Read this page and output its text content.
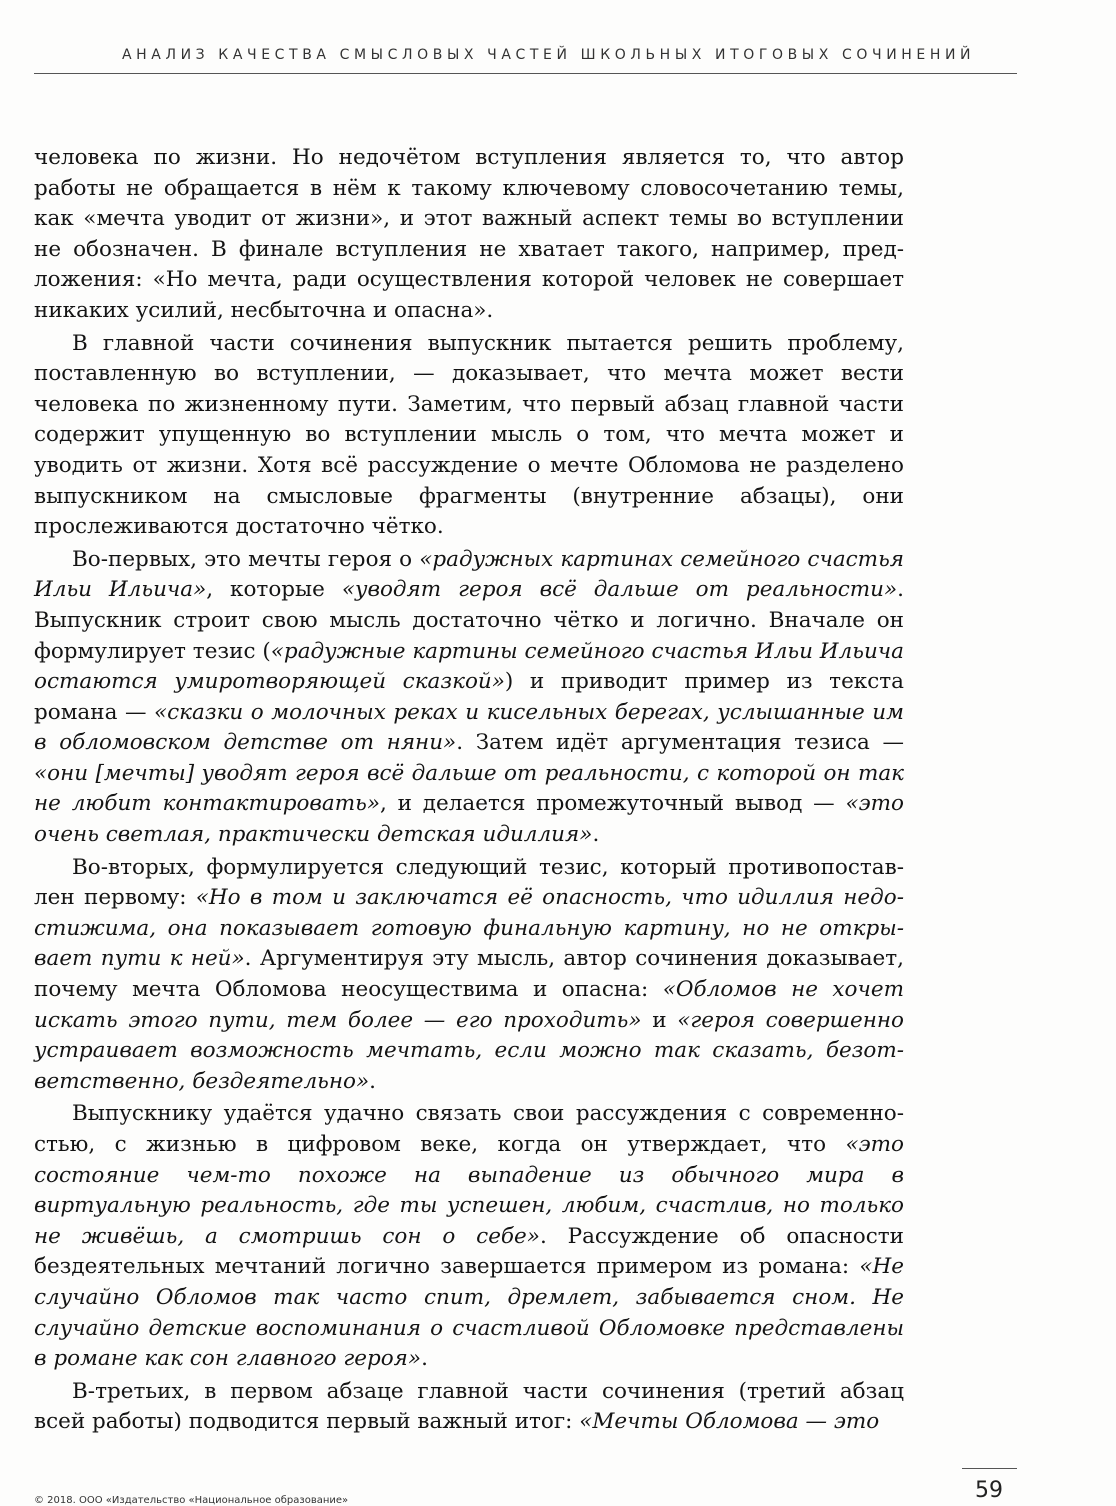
АНАЛИЗ КАЧЕСТВА СМЫСЛОВЫХ ЧАСТЕЙ ШКОЛЬНЫХ ИТОГОВЫХ СОЧИНЕНИЙ

человека по жизни. Но недочётом вступления является то, что автор работы не обращается в нём к такому ключевому словосочетанию темы, как «мечта уводит от жизни», и этот важный аспект темы во вступлении не обозначен. В финале вступления не хватает такого, например, предложения: «Но мечта, ради осуществления которой человек не совершает никаких усилий, несбыточна и опасна».

В главной части сочинения выпускник пытается решить проблему, поставленную во вступлении, — доказывает, что мечта может вести человека по жизненному пути. Заметим, что первый абзац главной части содержит упущенную во вступлении мысль о том, что мечта может и уводить от жизни. Хотя всё рассуждение о мечте Обломова не разделено выпускником на смысловые фрагменты (внутренние абзацы), они прослеживаются достаточно чётко.

Во-первых, это мечты героя о «радужных картинах семейного счастья Ильи Ильича», которые «уводят героя всё дальше от реальности». Выпускник строит свою мысль достаточно чётко и логично. Вначале он формулирует тезис («радужные картины семейного счастья Ильи Ильича остаются умиротворяющей сказкой») и приводит пример из текста романа — «сказки о молочных реках и кисельных берегах, услышанные им в обломовском детстве от няни». Затем идёт аргументация тезиса — «они [мечты] уводят героя всё дальше от реальности, с которой он так не любит контактировать», и делается промежуточный вывод — «это очень светлая, практически детская идиллия».

Во-вторых, формулируется следующий тезис, который противопоставлен первому: «Но в том и заключатся её опасность, что идиллия недостижима, она показывает готовую финальную картину, но не открывает пути к ней». Аргументируя эту мысль, автор сочинения доказывает, почему мечта Обломова неосуществима и опасна: «Обломов не хочет искать этого пути, тем более — его проходить» и «героя совершенно устраивает возможность мечтать, если можно так сказать, безответственно, бездеятельно».

Выпускнику удаётся удачно связать свои рассуждения с современностью, с жизнью в цифровом веке, когда он утверждает, что «это состояние чем-то похоже на выпадение из обычного мира в виртуальную реальность, где ты успешен, любим, счастлив, но только не живёшь, а смотришь сон о себе». Рассуждение об опасности бездеятельных мечтаний логично завершается примером из романа: «Не случайно Обломов так часто спит, дремлет, забывается сном. Не случайно детские воспоминания о счастливой Обломовке представлены в романе как сон главного героя».

В-третьих, в первом абзаце главной части сочинения (третий абзац всей работы) подводится первый важный итог: «Мечты Обломова — это

© 2018. ООО «Издательство «Национальное образование»	59
